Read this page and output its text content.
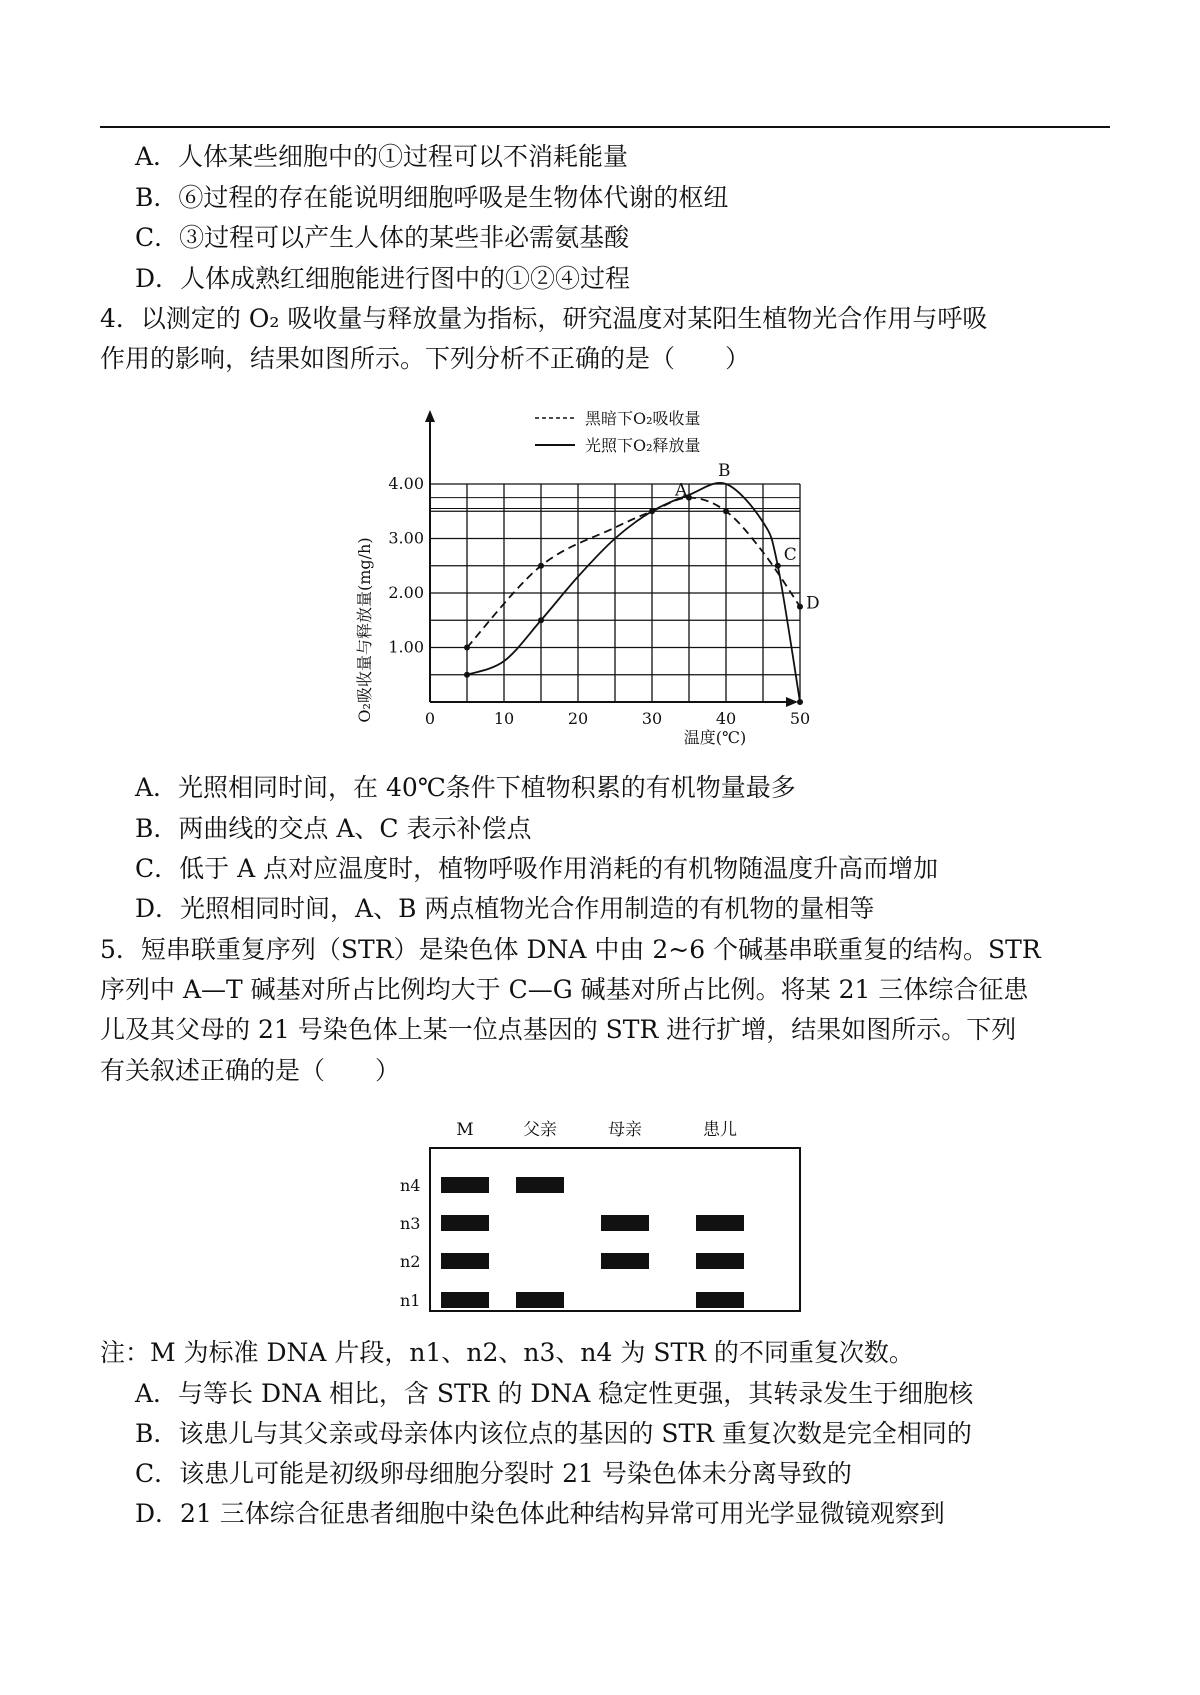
A．人体某些细胞中的①过程可以不消耗能量
B．⑥过程的存在能说明细胞呼吸是生物体代谢的枢纽
C．③过程可以产生人体的某些非必需氨基酸
D．人体成熟红细胞能进行图中的①②④过程
4．以测定的 O₂ 吸收量与释放量为指标，研究温度对某阳生植物光合作用与呼吸
作用的影响，结果如图所示。下列分析不正确的是（　　）
黑暗下O₂吸收量
光照下O₂释放量
0	10	20	30	40	50
1.00
2.00
3.00
4.00	A
B
C
D
O₂吸收量与释放量(mg/h)
温度(℃)
A．光照相同时间，在 40℃条件下植物积累的有机物量最多
B．两曲线的交点 A、C 表示补偿点
C．低于 A 点对应温度时，植物呼吸作用消耗的有机物随温度升高而增加
D．光照相同时间，A、B 两点植物光合作用制造的有机物的量相等
5．短串联重复序列（STR）是染色体 DNA 中由 2~6 个碱基串联重复的结构。STR
序列中 A—T 碱基对所占比例均大于 C—G 碱基对所占比例。将某 21 三体综合征患
儿及其父母的 21 号染色体上某一位点基因的 STR 进行扩增，结果如图所示。下列
有关叙述正确的是（　　）
M	父亲	母亲	患儿
n4
n3
n2
n1
注：M 为标准 DNA 片段，n1、n2、n3、n4 为 STR 的不同重复次数。
A．与等长 DNA 相比，含 STR 的 DNA 稳定性更强，其转录发生于细胞核
B．该患儿与其父亲或母亲体内该位点的基因的 STR 重复次数是完全相同的
C．该患儿可能是初级卵母细胞分裂时 21 号染色体未分离导致的
D．21 三体综合征患者细胞中染色体此种结构异常可用光学显微镜观察到
